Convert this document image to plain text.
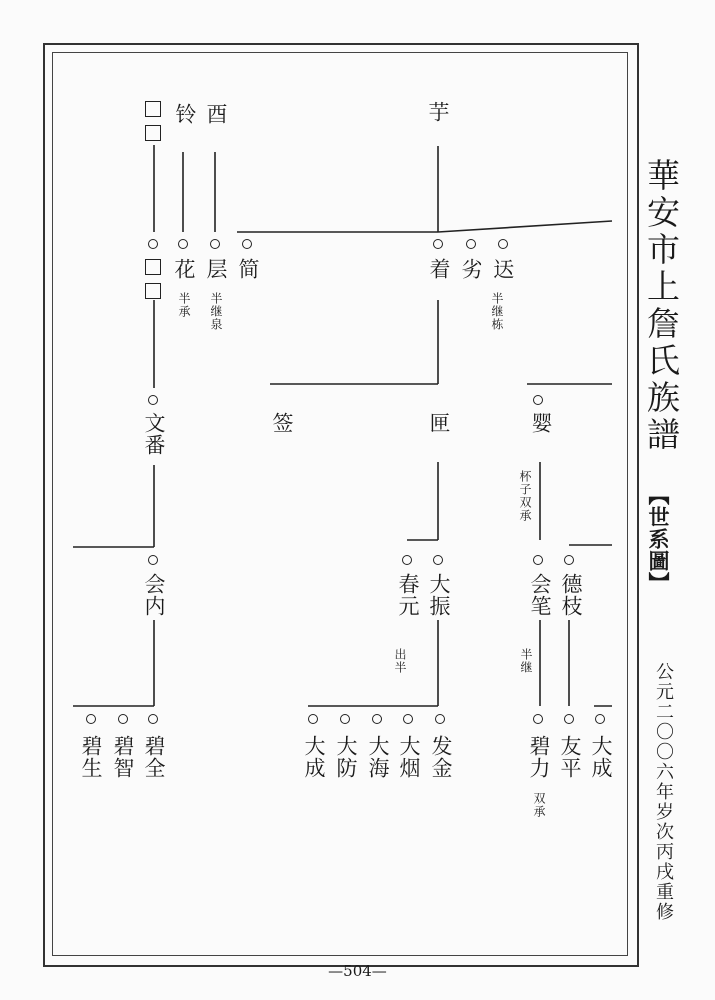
铃 酉	芋
花 层 简	着 劣 迗
半承 半继泉	半继栋
文番	签	匣	婴
杯子双承
会内	春元 大振	会笔 德枝
出半	半继
碧生 碧智 碧全	大成 大防 大海 大烟 发金	碧力 友平 大成
双承
華安市上詹氏族譜
【世系圖】
公元二〇〇六年岁次丙戌重修
—504—
